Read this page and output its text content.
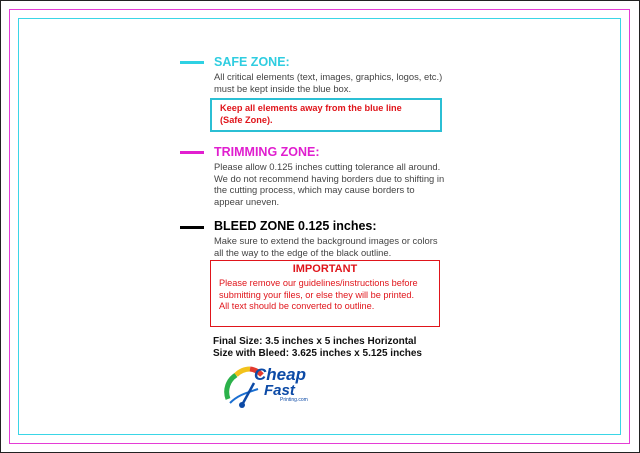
SAFE ZONE:
All critical elements (text, images, graphics, logos, etc.)
must be kept inside the blue box.
Keep all elements away from the blue line
(Safe Zone).
TRIMMING ZONE:
Please allow 0.125 inches cutting tolerance all around.
We do not recommend having borders due to shifting in
the cutting process, which may cause borders to
appear uneven.
BLEED ZONE 0.125 inches:
Make sure to extend the background images or colors
all the way to the edge of the black outline.
IMPORTANT
Please remove our guidelines/instructions before
submitting your files, or else they will be printed.
All text should be converted to outline.
Final Size: 3.5 inches x 5 inches Horizontal
Size with Bleed: 3.625 inches x 5.125 inches
Cheap
Fast
Printing.com
